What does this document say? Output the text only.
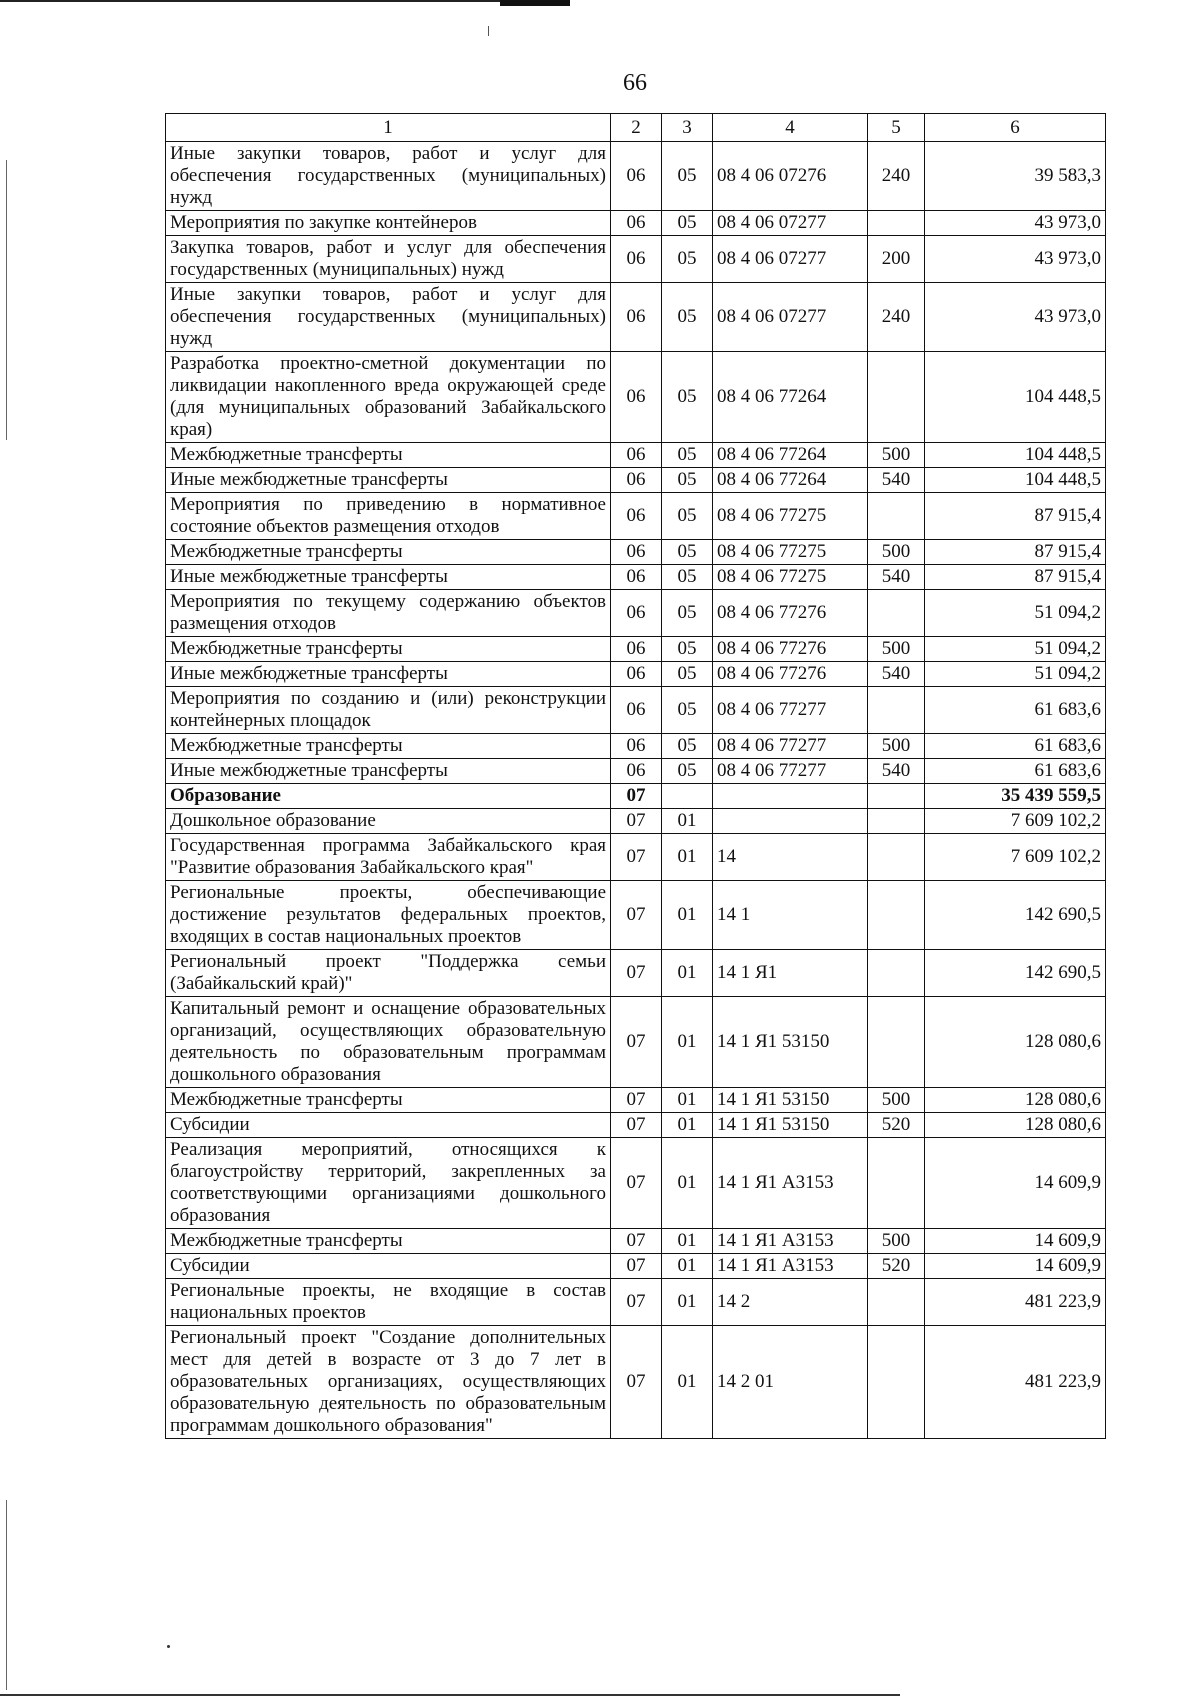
66
1	2	3	4	5	6
Иные закупки товаров, работ и услуг для обеспечения государственных (муниципальных) нужд	06	05	08 4 06 07276	240	39 583,3
Мероприятия по закупке контейнеров	06	05	08 4 06 07277		43 973,0
Закупка товаров, работ и услуг для обеспечения государственных (муниципальных) нужд	06	05	08 4 06 07277	200	43 973,0
Иные закупки товаров, работ и услуг для обеспечения государственных (муниципальных) нужд	06	05	08 4 06 07277	240	43 973,0
Разработка проектно-сметной документации по ликвидации накопленного вреда окружающей среде (для муниципальных образований Забайкальского края)	06	05	08 4 06 77264		104 448,5
Межбюджетные трансферты	06	05	08 4 06 77264	500	104 448,5
Иные межбюджетные трансферты	06	05	08 4 06 77264	540	104 448,5
Мероприятия по приведению в нормативное состояние объектов размещения отходов	06	05	08 4 06 77275		87 915,4
Межбюджетные трансферты	06	05	08 4 06 77275	500	87 915,4
Иные межбюджетные трансферты	06	05	08 4 06 77275	540	87 915,4
Мероприятия по текущему содержанию объектов размещения отходов	06	05	08 4 06 77276		51 094,2
Межбюджетные трансферты	06	05	08 4 06 77276	500	51 094,2
Иные межбюджетные трансферты	06	05	08 4 06 77276	540	51 094,2
Мероприятия по созданию и (или) реконструкции контейнерных площадок	06	05	08 4 06 77277		61 683,6
Межбюджетные трансферты	06	05	08 4 06 77277	500	61 683,6
Иные межбюджетные трансферты	06	05	08 4 06 77277	540	61 683,6
Образование	07				35 439 559,5
Дошкольное образование	07	01			7 609 102,2
Государственная программа Забайкальского края "Развитие образования Забайкальского края"	07	01	14		7 609 102,2
Региональные проекты, обеспечивающие достижение результатов федеральных проектов, входящих в состав национальных проектов	07	01	14 1		142 690,5
Региональный проект "Поддержка семьи (Забайкальский край)"	07	01	14 1 Я1		142 690,5
Капитальный ремонт и оснащение образовательных организаций, осуществляющих образовательную деятельность по образовательным программам дошкольного образования	07	01	14 1 Я1 53150		128 080,6
Межбюджетные трансферты	07	01	14 1 Я1 53150	500	128 080,6
Субсидии	07	01	14 1 Я1 53150	520	128 080,6
Реализация мероприятий, относящихся к благоустройству территорий, закрепленных за соответствующими организациями дошкольного образования	07	01	14 1 Я1 А3153		14 609,9
Межбюджетные трансферты	07	01	14 1 Я1 А3153	500	14 609,9
Субсидии	07	01	14 1 Я1 А3153	520	14 609,9
Региональные проекты, не входящие в состав национальных проектов	07	01	14 2		481 223,9
Региональный проект "Создание дополнительных мест для детей в возрасте от 3 до 7 лет в образовательных организациях, осуществляющих образовательную деятельность по образовательным программам дошкольного образования"	07	01	14 2 01		481 223,9
